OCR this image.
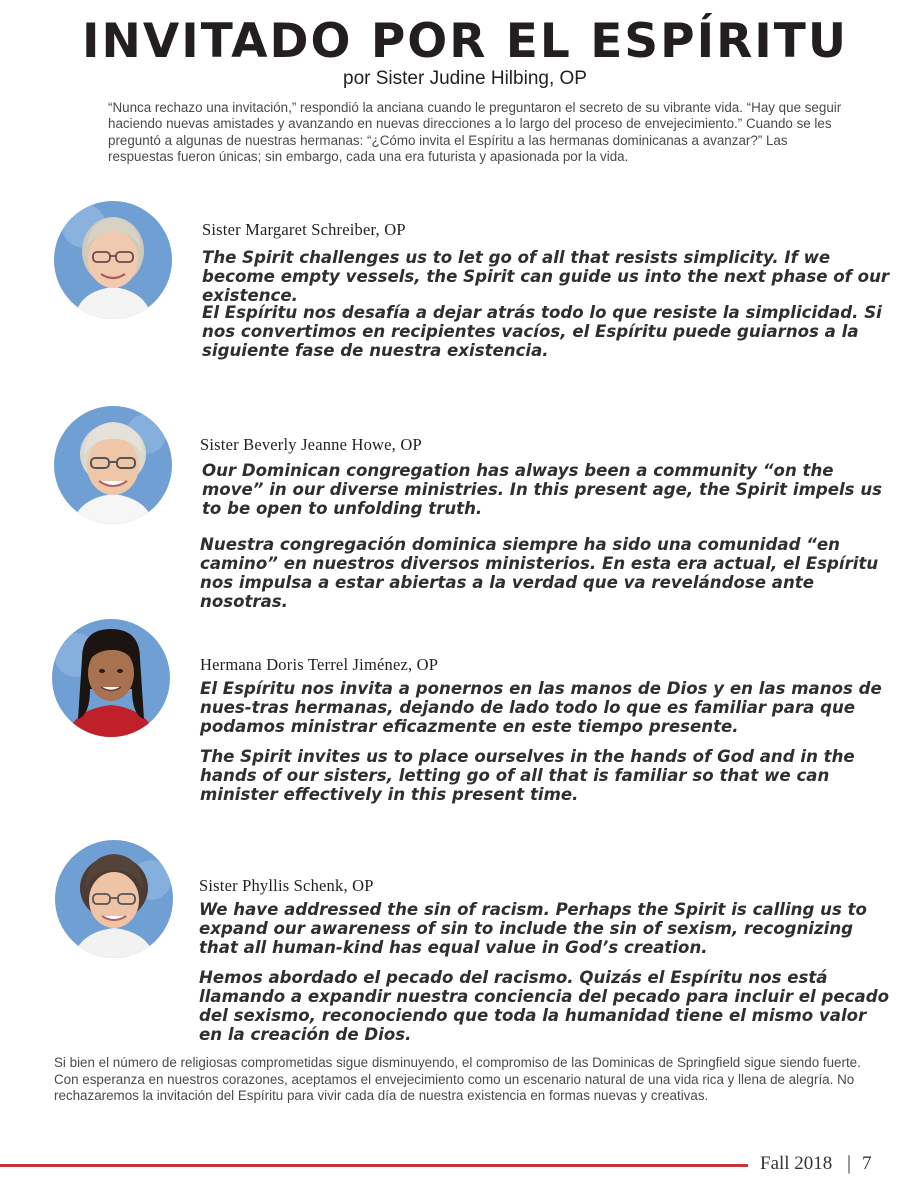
INVITADO POR EL ESPÍRITU
por Sister Judine Hilbing, OP

“Nunca rechazo una invitación,” respondió la anciana cuando le preguntaron el secreto de su vibrante vida. “Hay que seguir haciendo nuevas amistades y avanzando en nuevas direcciones a lo largo del proceso de envejecimiento.” Cuando se les preguntó a algunas de nuestras hermanas: “¿Cómo invita el Espíritu a las hermanas dominicanas a avanzar?” Las respuestas fueron únicas; sin embargo, cada una era futurista y apasionada por la vida.

Sister Margaret Schreiber, OP

The Spirit challenges us to let go of all that resists simplicity. If we become empty vessels, the Spirit can guide us into the next phase of our existence.

El Espíritu nos desafía a dejar atrás todo lo que resiste la simplicidad. Si nos convertimos en recipientes vacíos, el Espíritu puede guiarnos a la siguiente fase de nuestra existencia.

Sister Beverly Jeanne Howe, OP

Our Dominican congregation has always been a community “on the move” in our diverse ministries. In this present age, the Spirit impels us to be open to unfolding truth.

Nuestra congregación dominica siempre ha sido una comunidad “en camino” en nuestros diversos ministerios. En esta era actual, el Espíritu nos impulsa a estar abiertas a la verdad que va revelándose ante nosotras.

Hermana Doris Terrel Jiménez, OP

El Espíritu nos invita a ponernos en las manos de Dios y en las manos de nues-tras hermanas, dejando de lado todo lo que es familiar para que podamos ministrar eficazmente en este tiempo presente.

The Spirit invites us to place ourselves in the hands of God and in the hands of our sisters, letting go of all that is familiar so that we can minister effectively in this present time.

Sister Phyllis Schenk, OP

We have addressed the sin of racism. Perhaps the Spirit is calling us to expand our awareness of sin to include the sin of sexism, recognizing that all human-kind has equal value in God’s creation.

Hemos abordado el pecado del racismo. Quizás el Espíritu nos está llamando a expandir nuestra conciencia del pecado para incluir el pecado del sexismo, reconociendo que toda la humanidad tiene el mismo valor en la creación de Dios.

Si bien el número de religiosas comprometidas sigue disminuyendo, el compromiso de las Dominicas de Springfield sigue siendo fuerte. Con esperanza en nuestros corazones, aceptamos el envejecimiento como un escenario natural de una vida rica y llena de alegría. No rechazaremos la invitación del Espíritu para vivir cada día de nuestra existencia en formas nuevas y creativas.

Fall 2018 | 7
